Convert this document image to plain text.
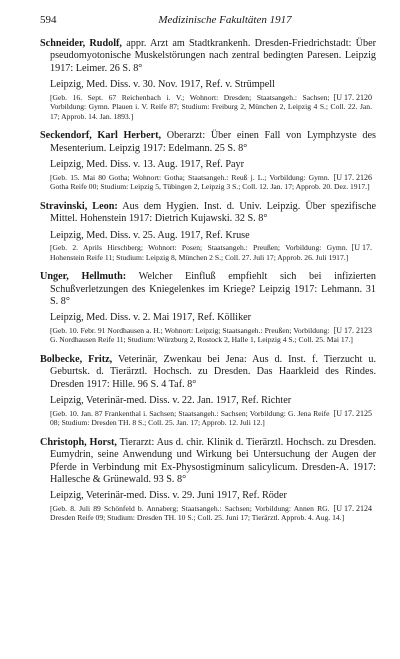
594	Medizinische Fakultäten 1917
Schneider, Rudolf, appr. Arzt am Stadtkrankenh. Dresden-Friedrichstadt: Über pseudomyotonische Muskelstörungen nach zentral bedingten Paresen. Leipzig 1917: Leimer. 26 S. 8°
Leipzig, Med. Diss. v. 30. Nov. 1917, Ref. v. Strümpell
[U 17. 2120
[Geb. 16. Sept. 67 Reichenbach i. V.; Wohnort: Dresden; Staatsangeh.: Sachsen; Vorbildung: Gymn. Plauen i. V. Reife 87; Studium: Freiburg 2, München 2, Leipzig 4 S.; Coll. 22. Jan. 17; Approb. 14. Jan. 1893.]
Seckendorf, Karl Herbert, Oberarzt: Über einen Fall von Lymphzyste des Mesenterium. Leipzig 1917: Edelmann. 25 S. 8°
Leipzig, Med. Diss. v. 13. Aug. 1917, Ref. Payr
[U 17. 2126
[Geb. 15. Mai 80 Gotha; Wohnort: Gotha; Staatsangeh.: Reuß j. L.; Vorbildung: Gymn. Gotha Reife 00; Studium: Leipzig 5, Tübingen 2, Leipzig 3 S.; Coll. 12. Jan. 17; Approb. 20. Dez. 1917.]
Stravinski, Leon: Aus dem Hygien. Inst. d. Univ. Leipzig. Über spezifische Mittel. Hohenstein 1917: Dietrich Kujawski. 32 S. 8°
Leipzig, Med. Diss. v. 25. Aug. 1917, Ref. Kruse
[U 17.
[Geb. 2. Aprils Hirschberg; Wohnort: Posen; Staatsangeh.: Preußen; Vorbildung: Gymn. Hohenstein Reife 11; Studium: Leipzig 8, München 2 S.; Coll. 27. Juli 17; Approb. 26. Juli 1917.]
Unger, Hellmuth: Welcher Einfluß empfiehlt sich bei infizierten Schußverletzungen des Kniegelenkes im Kriege? Leipzig 1917: Lehmann. 31 S. 8°
Leipzig, Med. Diss. v. 2. Mai 1917, Ref. Kölliker
[U 17. 2123
[Geb. 10. Febr. 91 Nordhausen a. H.; Wohnort: Leipzig; Staatsangeh.: Preußen; Vorbildung: G. Nordhausen Reife 11; Studium: Würzburg 2, Rostock 2, Halle 1, Leipzig 4 S.; Coll. 25. Mai 17.]
Bolbecke, Fritz, Veterinär, Zwenkau bei Jena: Aus d. Inst. f. Tierzucht u. Geburtsk. d. Tierärztl. Hochsch. zu Dresden. Das Haarkleid des Rindes. Dresden 1917: Hille. 96 S. 4 Taf. 8°
Leipzig, Veterinär-med. Diss. v. 22. Jan. 1917, Ref. Richter
[U 17. 2125
[Geb. 10. Jan. 87 Frankenthal i. Sachsen; Staatsangeh.: Sachsen; Vorbildung: G. Jena Reife 08; Studium: Dresden TH. 8 S.; Coll. 25. Jan. 17; Approb. 12. Juli 12.]
Christoph, Horst, Tierarzt: Aus d. chir. Klinik d. Tierärztl. Hochsch. zu Dresden. Eumydrin, seine Anwendung und Wirkung bei Untersuchung der Augen der Pferde in Verbindung mit Ex-Physostigminum salicylicum. Dresden-A. 1917: Hallesche & Grünewald. 93 S. 8°
Leipzig, Veterinär-med. Diss. v. 29. Juni 1917, Ref. Röder
[U 17. 2124
[Geb. 8. Juli 89 Schönfeld b. Annaberg; Staatsangeh.: Sachsen; Vorbildung: Annen RG. Dresden Reife 09; Studium: Dresden TH. 10 S.; Coll. 25. Juni 17; Tierärztl. Approb. 4. Aug. 14.]
